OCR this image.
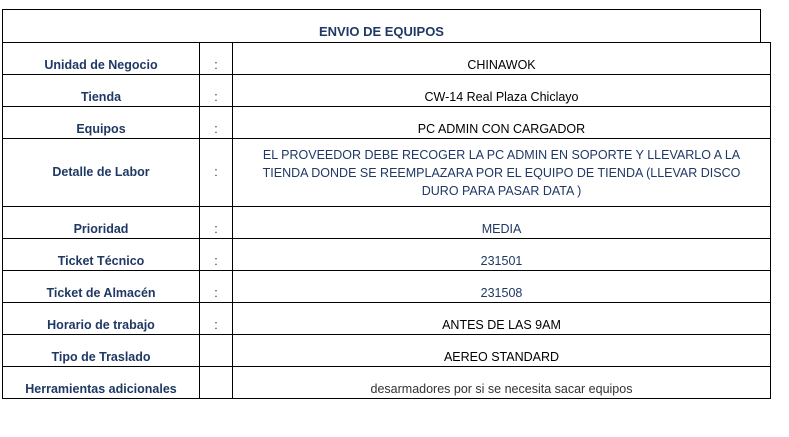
ENVIO DE EQUIPOS
Unidad de Negocio	:	CHINAWOK
Tienda	:	CW-14 Real Plaza Chiclayo
Equipos	:	PC ADMIN CON CARGADOR
Detalle de Labor	:	EL PROVEEDOR DEBE RECOGER LA PC ADMIN EN SOPORTE Y LLEVARLO A LA TIENDA DONDE SE REEMPLAZARA POR EL EQUIPO DE TIENDA (LLEVAR DISCO DURO PARA PASAR DATA )
Prioridad	:	MEDIA
Ticket Técnico	:	231501
Ticket de Almacén	:	231508
Horario de trabajo	:	ANTES DE LAS 9AM
Tipo de Traslado		AEREO STANDARD
Herramientas adicionales		desarmadores por si se necesita sacar equipos
